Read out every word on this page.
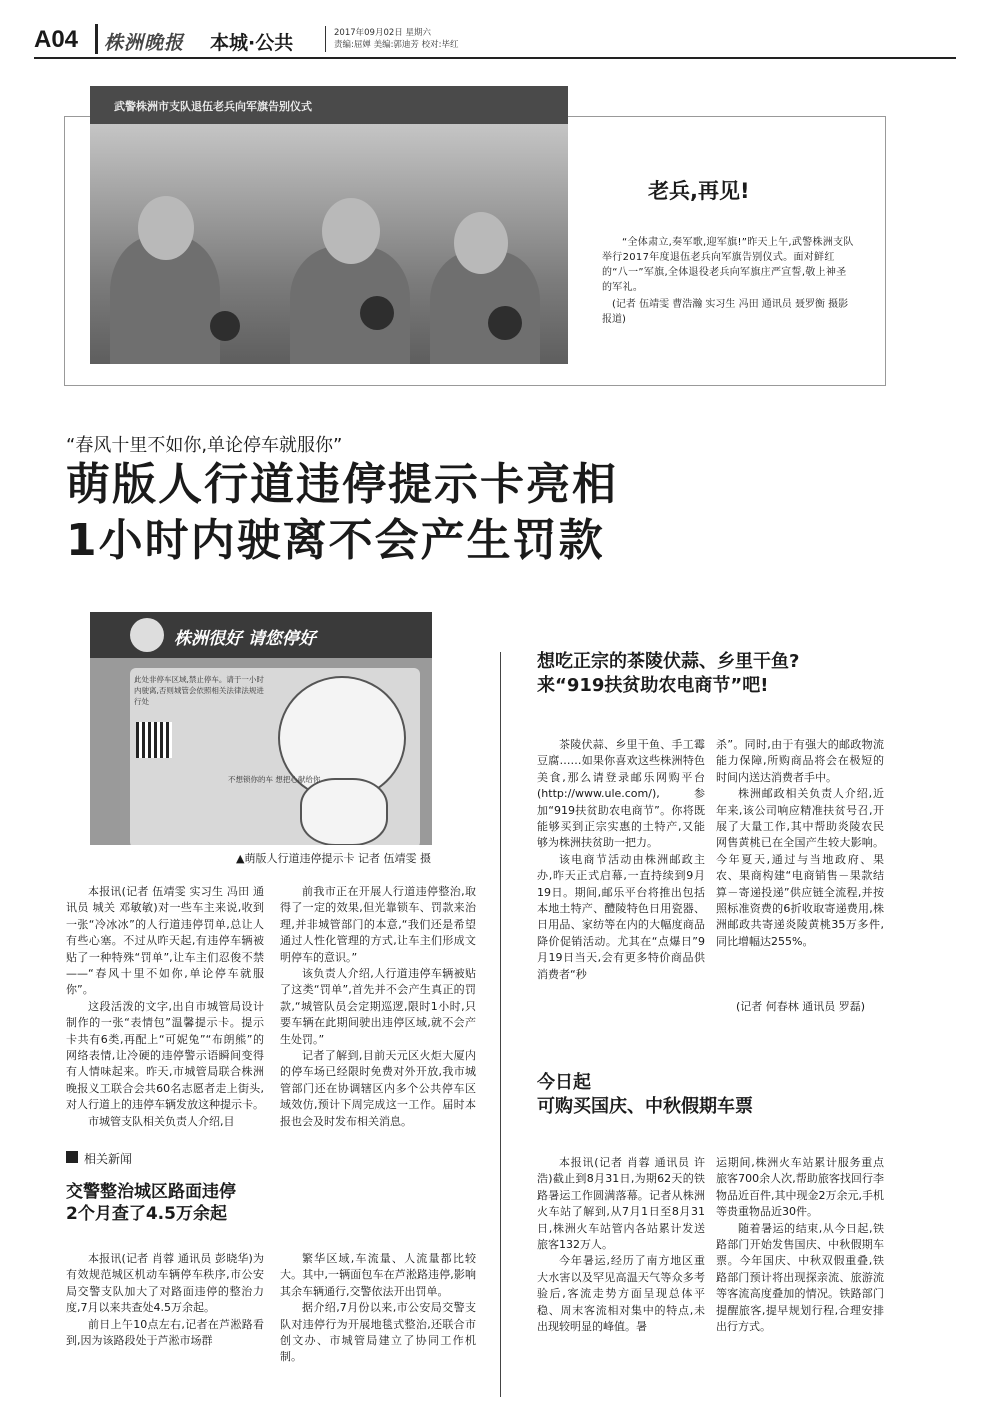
A04 株洲晚报 本城·公共	2017年09月02日 星期六
责编:屈婵 美编:郭迪芳 校对:毕红
武警株洲市支队退伍老兵向军旗告别仪式
老兵,再见!
“全体肃立,奏军歌,迎军旗!”昨天上午,武警株洲支队举行2017年度退伍老兵向军旗告别仪式。面对鲜红的“八一”军旗,全体退役老兵向军旗庄严宣誓,敬上神圣的军礼。
(记者 伍靖雯 曹浩瀚 实习生 冯田 通讯员 聂罗衡 摄影报道)
“春风十里不如你,单论停车就服你”
萌版人行道违停提示卡亮相
1小时内驶离不会产生罚款
株洲很好 请您停好
此处非停车区域,禁止停车。请于一小时内驶离,否则城管会依照相关法律法规进行处
不想锁你的车 想把心献给你
▲萌版人行道违停提示卡 记者 伍靖雯 摄

本报讯(记者 伍靖雯 实习生 冯田 通讯员 城关 邓敏敏)对一些车主来说,收到一张“冷冰冰”的人行道违停罚单,总让人有些心塞。不过从昨天起,有违停车辆被贴了一种特殊“罚单”,让车主们忍俊不禁——“春风十里不如你,单论停车就服你”。

这段活泼的文字,出自市城管局设计制作的一张“表情包”温馨提示卡。提示卡共有6类,再配上“可妮兔”“布朗熊”的网络表情,让冷硬的违停警示语瞬间变得有人情味起来。昨天,市城管局联合株洲晚报义工联合会共60名志愿者走上街头,对人行道上的违停车辆发放这种提示卡。

市城管支队相关负责人介绍,目

前我市正在开展人行道违停整治,取得了一定的效果,但光靠锁车、罚款来治理,并非城管部门的本意,“我们还是希望通过人性化管理的方式,让车主们形成文明停车的意识。”

该负责人介绍,人行道违停车辆被贴了这类“罚单”,首先并不会产生真正的罚款,“城管队员会定期巡逻,限时1小时,只要车辆在此期间驶出违停区域,就不会产生处罚。”

记者了解到,目前天元区火炬大厦内的停车场已经限时免费对外开放,我市城管部门还在协调辖区内多个公共停车区域效仿,预计下周完成这一工作。届时本报也会及时发布相关消息。

相关新闻
交警整治城区路面违停
2个月查了4.5万余起

本报讯(记者 肖蓉 通讯员 彭晓华)为有效规范城区机动车辆停车秩序,市公安局交警支队加大了对路面违停的整治力度,7月以来共查处4.5万余起。

前日上午10点左右,记者在芦淞路看到,因为该路段处于芦淞市场群

繁华区域,车流量、人流量都比较大。其中,一辆面包车在芦淞路违停,影响其余车辆通行,交警依法开出罚单。

据介绍,7月份以来,市公安局交警支队对违停行为开展地毯式整治,还联合市创文办、市城管局建立了协同工作机制。

想吃正宗的茶陵伏蒜、乡里干鱼?
来“919扶贫助农电商节”吧!

茶陵伏蒜、乡里干鱼、手工霉豆腐……如果你喜欢这些株洲特色美食,那么请登录邮乐网购平台(http://www.ule.com/),参加“919扶贫助农电商节”。你将既能够买到正宗实惠的土特产,又能够为株洲扶贫助一把力。

该电商节活动由株洲邮政主办,昨天正式启幕,一直持续到9月19日。期间,邮乐平台将推出包括本地土特产、醴陵特色日用瓷器、日用品、家纺等在内的大幅度商品降价促销活动。尤其在“点爆日”9月19日当天,会有更多特价商品供消费者“秒

杀”。同时,由于有强大的邮政物流能力保障,所购商品将会在极短的时间内送达消费者手中。

株洲邮政相关负责人介绍,近年来,该公司响应精准扶贫号召,开展了大量工作,其中帮助炎陵农民网售黄桃已在全国产生较大影响。今年夏天,通过与当地政府、果农、果商构建“电商销售－果款结算－寄递投递”供应链全流程,并按照标准资费的6折收取寄递费用,株洲邮政共寄递炎陵黄桃35万多件,同比增幅达255%。

(记者 何春林 通讯员 罗磊)
今日起
可购买国庆、中秋假期车票

本报讯(记者 肖蓉 通讯员 许浩)截止到8月31日,为期62天的铁路暑运工作圆满落幕。记者从株洲火车站了解到,从7月1日至8月31日,株洲火车站管内各站累计发送旅客132万人。

今年暑运,经历了南方地区重大水害以及罕见高温天气等众多考验后,客流走势方面呈现总体平稳、周末客流相对集中的特点,未出现较明显的峰值。暑

运期间,株洲火车站累计服务重点旅客700余人次,帮助旅客找回行李物品近百件,其中现金2万余元,手机等贵重物品近30件。

随着暑运的结束,从今日起,铁路部门开始发售国庆、中秋假期车票。今年国庆、中秋双假重叠,铁路部门预计将出现探亲流、旅游流等客流高度叠加的情况。铁路部门提醒旅客,提早规划行程,合理安排出行方式。
